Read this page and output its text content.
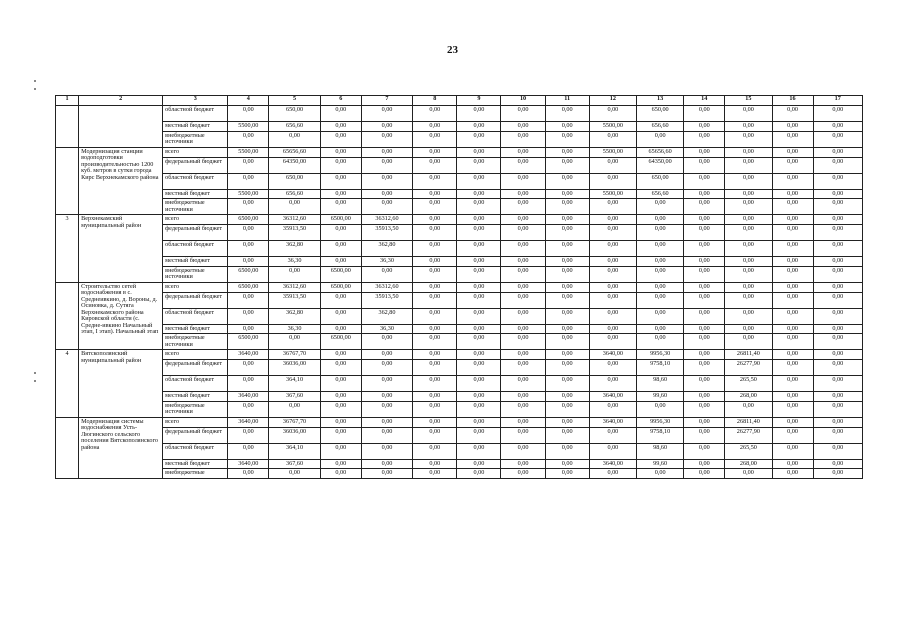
23
1	2	3	4	5	6	7	8	9	10	11	12	13	14	15	16	17
		областной бюджет	0,00	650,00	0,00	0,00	0,00	0,00	0,00	0,00	0,00	650,00	0,00	0,00	0,00	0,00
		местный бюджет	5500,00	656,60	0,00	0,00	0,00	0,00	0,00	0,00	5500,00	656,60	0,00	0,00	0,00	0,00
		внебюджетные источники	0,00	0,00	0,00	0,00	0,00	0,00	0,00	0,00	0,00	0,00	0,00	0,00	0,00	0,00
	Модернизация станции водоподготовки производительностью 1200 куб. метров в сутки города Кирс Верхнекамского района	всего	5500,00	65656,60	0,00	0,00	0,00	0,00	0,00	0,00	5500,00	65656,60	0,00	0,00	0,00	0,00
		федеральный бюджет	0,00	64350,00	0,00	0,00	0,00	0,00	0,00	0,00	0,00	64350,00	0,00	0,00	0,00	0,00
		областной бюджет	0,00	650,00	0,00	0,00	0,00	0,00	0,00	0,00	0,00	650,00	0,00	0,00	0,00	0,00
		местный бюджет	5500,00	656,60	0,00	0,00	0,00	0,00	0,00	0,00	5500,00	656,60	0,00	0,00	0,00	0,00
		внебюджетные источники	0,00	0,00	0,00	0,00	0,00	0,00	0,00	0,00	0,00	0,00	0,00	0,00	0,00	0,00
3	Верхнекамский муниципальный район	всего	6500,00	36312,60	6500,00	36312,60	0,00	0,00	0,00	0,00	0,00	0,00	0,00	0,00	0,00	0,00
		федеральный бюджет	0,00	35913,50	0,00	35913,50	0,00	0,00	0,00	0,00	0,00	0,00	0,00	0,00	0,00	0,00
		областной бюджет	0,00	362,80	0,00	362,80	0,00	0,00	0,00	0,00	0,00	0,00	0,00	0,00	0,00	0,00
		местный бюджет	0,00	36,30	0,00	36,30	0,00	0,00	0,00	0,00	0,00	0,00	0,00	0,00	0,00	0,00
		внебюджетные источники	6500,00	0,00	6500,00	0,00	0,00	0,00	0,00	0,00	0,00	0,00	0,00	0,00	0,00	0,00
	Строительство сетей водоснабжения в с. Среднеивкино, д. Вороны, д. Осиновка, д. Сутяга Верхнекамского района Кировской области (с. Средне-ивкино Начальный этап, I этап). Начальный этап	всего	6500,00	36312,60	6500,00	36312,60	0,00	0,00	0,00	0,00	0,00	0,00	0,00	0,00	0,00	0,00
		федеральный бюджет	0,00	35913,50	0,00	35913,50	0,00	0,00	0,00	0,00	0,00	0,00	0,00	0,00	0,00	0,00
		областной бюджет	0,00	362,80	0,00	362,80	0,00	0,00	0,00	0,00	0,00	0,00	0,00	0,00	0,00	0,00
		местный бюджет	0,00	36,30	0,00	36,30	0,00	0,00	0,00	0,00	0,00	0,00	0,00	0,00	0,00	0,00
		внебюджетные источники	6500,00	0,00	6500,00	0,00	0,00	0,00	0,00	0,00	0,00	0,00	0,00	0,00	0,00	0,00
4	Вятскополянский муниципальный район	всего	3640,00	36767,70	0,00	0,00	0,00	0,00	0,00	0,00	3640,00	9956,30	0,00	26811,40	0,00	0,00
		федеральный бюджет	0,00	36036,00	0,00	0,00	0,00	0,00	0,00	0,00	0,00	9758,10	0,00	26277,90	0,00	0,00
		областной бюджет	0,00	364,10	0,00	0,00	0,00	0,00	0,00	0,00	0,00	98,60	0,00	265,50	0,00	0,00
		местный бюджет	3640,00	367,60	0,00	0,00	0,00	0,00	0,00	0,00	3640,00	99,60	0,00	268,00	0,00	0,00
		внебюджетные источники	0,00	0,00	0,00	0,00	0,00	0,00	0,00	0,00	0,00	0,00	0,00	0,00	0,00	0,00
	Модернизация системы водоснабжения Усть-Люгинского сельского поселения Вятскополянского района	всего	3640,00	36767,70	0,00	0,00	0,00	0,00	0,00	0,00	3640,00	9956,30	0,00	26811,40	0,00	0,00
		федеральный бюджет	0,00	36036,00	0,00	0,00	0,00	0,00	0,00	0,00	0,00	9758,10	0,00	26277,90	0,00	0,00
		областной бюджет	0,00	364,10	0,00	0,00	0,00	0,00	0,00	0,00	0,00	98,60	0,00	265,50	0,00	0,00
		местный бюджет	3640,00	367,60	0,00	0,00	0,00	0,00	0,00	0,00	3640,00	99,60	0,00	268,00	0,00	0,00
		внебюджетные	0,00	0,00	0,00	0,00	0,00	0,00	0,00	0,00	0,00	0,00	0,00	0,00	0,00	0,00
